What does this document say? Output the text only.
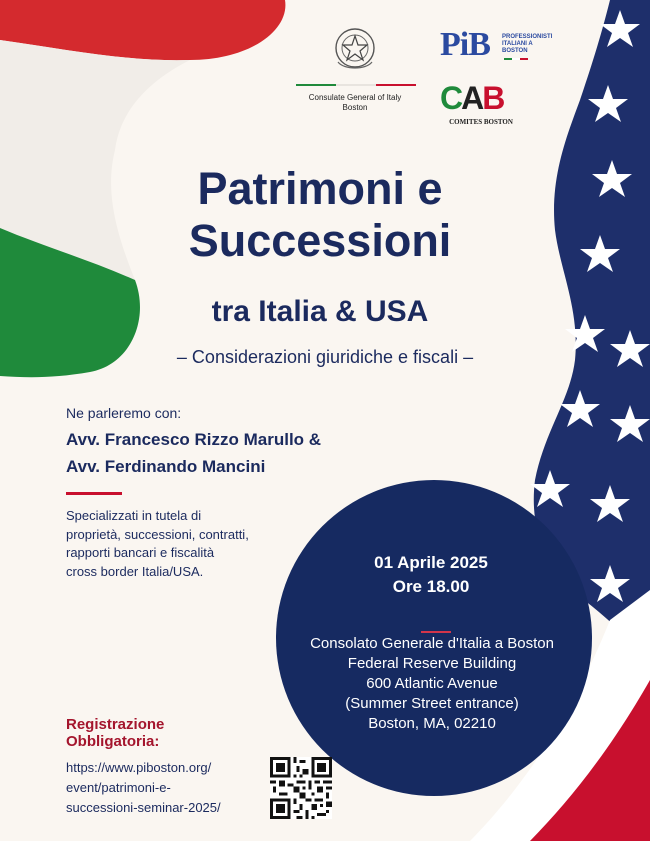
Consulate General of Italy
Boston
PiB PROFESSIONISTI
ITALIANI A
BOSTON
CAB
COMITES BOSTON
Patrimoni e
Successioni
tra Italia & USA
– Considerazioni giuridiche e fiscali –
Ne parleremo con:
Avv. Francesco Rizzo Marullo &
Avv. Ferdinando Mancini
Specializzati in tutela di
proprietà, successioni, contratti,
rapporti bancari e fiscalità
cross border Italia/USA.	01 Aprile 2025
Ore 18.00
Consolato Generale d'Italia a Boston
Federal Reserve Building
600 Atlantic Avenue
(Summer Street entrance)
Boston, MA, 02210
Registrazione
Obbligatoria:
https://www.piboston.org/
event/patrimoni-e-
successioni-seminar-2025/
